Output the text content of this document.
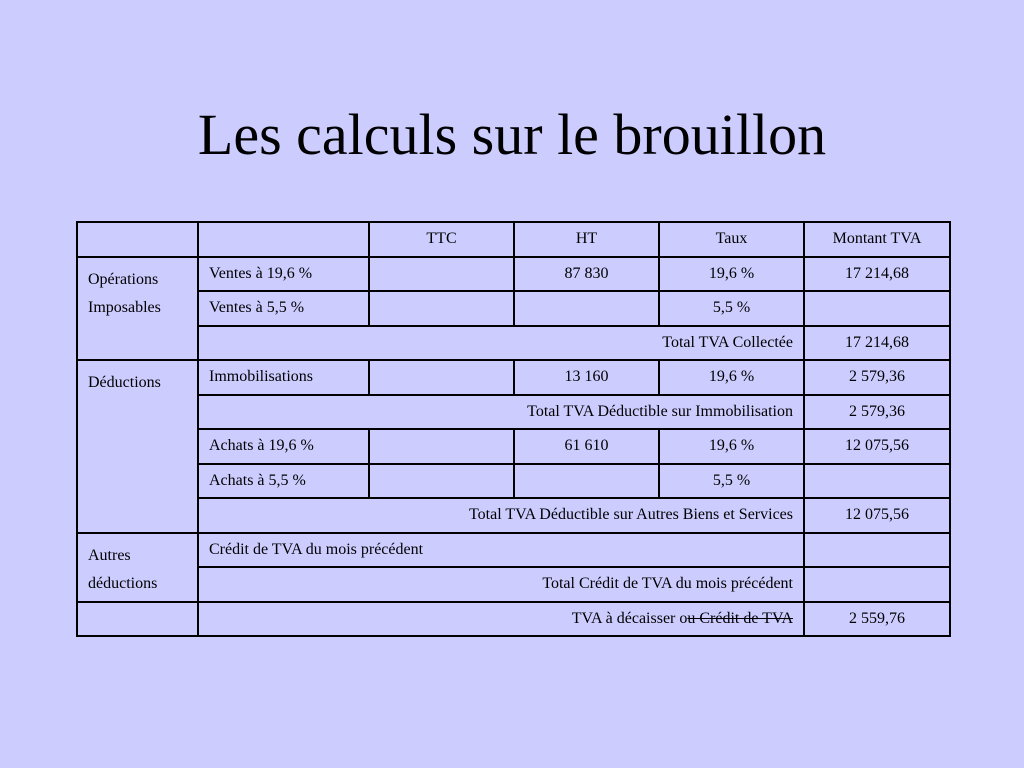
Les calculs sur le brouillon
		TTC	HT	Taux	Montant TVA
Opérations
Imposables	Ventes à 19,6 %		87 830	19,6 %	17 214,68
	Ventes à 5,5 %			5,5 %	
	Total TVA Collectée				17 214,68
Déductions	Immobilisations		13 160	19,6 %	2 579,36
	Total TVA Déductible sur Immobilisation				2 579,36
	Achats à 19,6 %		61 610	19,6 %	12 075,56
	Achats à 5,5 %			5,5 %	
	Total TVA Déductible sur Autres Biens et Services				12 075,56
Autres
déductions	Crédit de TVA du mois précédent				
	Total Crédit de TVA du mois précédent				
	TVA à décaisser ou Crédit de TVA				2 559,76
